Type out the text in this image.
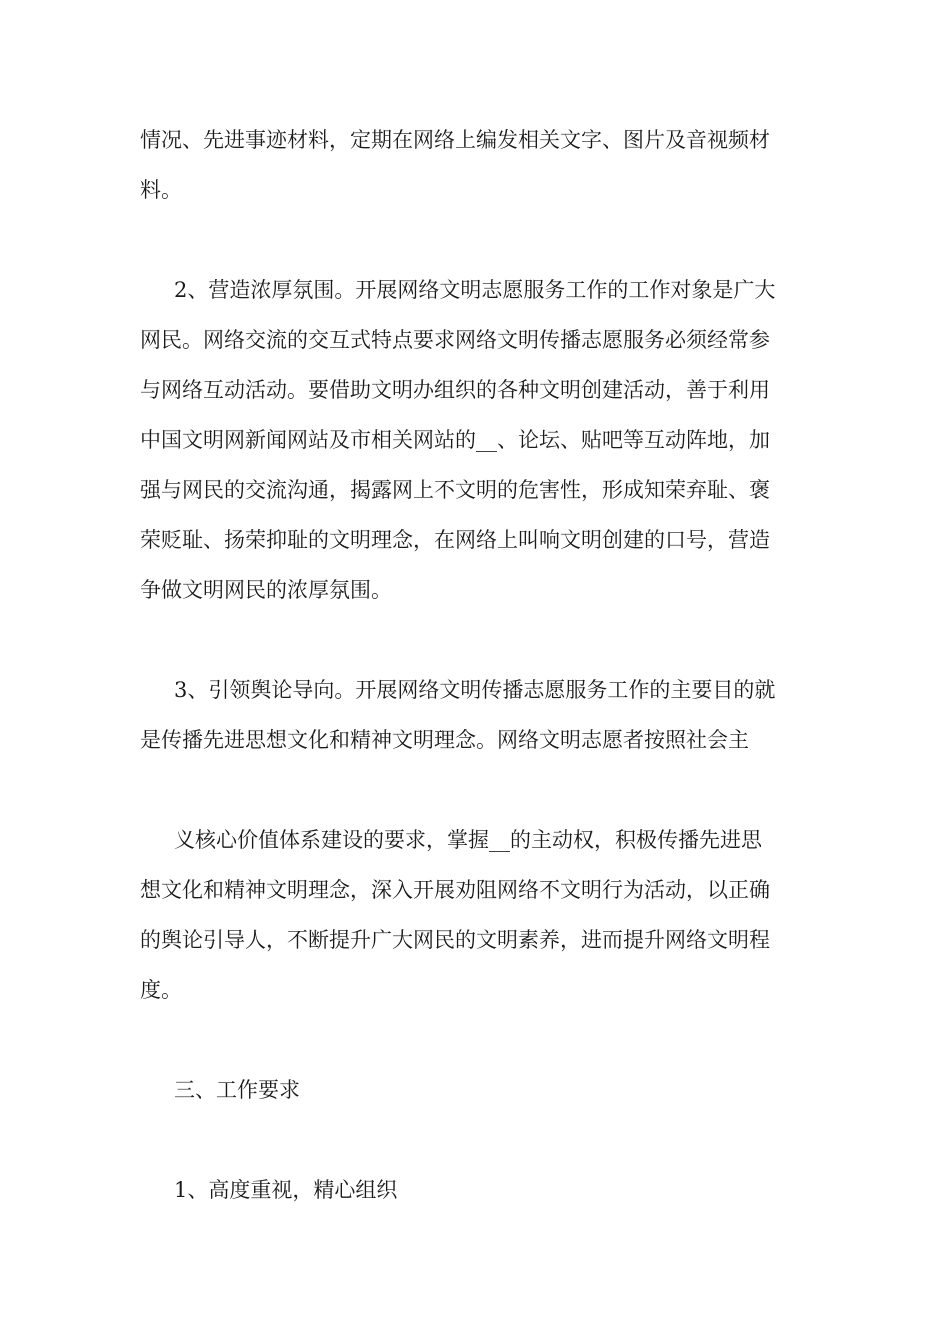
情况、先进事迹材料，定期在网络上编发相关文字、图片及音视频材
料。
2、营造浓厚氛围。开展网络文明志愿服务工作的工作对象是广大
网民。网络交流的交互式特点要求网络文明传播志愿服务必须经常参
与网络互动活动。要借助文明办组织的各种文明创建活动，善于利用
中国文明网新闻网站及市相关网站的__、论坛、贴吧等互动阵地，加
强与网民的交流沟通，揭露网上不文明的危害性，形成知荣弃耻、褒
荣贬耻、扬荣抑耻的文明理念，在网络上叫响文明创建的口号，营造
争做文明网民的浓厚氛围。
3、引领舆论导向。开展网络文明传播志愿服务工作的主要目的就
是传播先进思想文化和精神文明理念。网络文明志愿者按照社会主
义核心价值体系建设的要求，掌握__的主动权，积极传播先进思
想文化和精神文明理念，深入开展劝阻网络不文明行为活动，以正确
的舆论引导人，不断提升广大网民的文明素养，进而提升网络文明程
度。
三、工作要求
1、高度重视，精心组织
